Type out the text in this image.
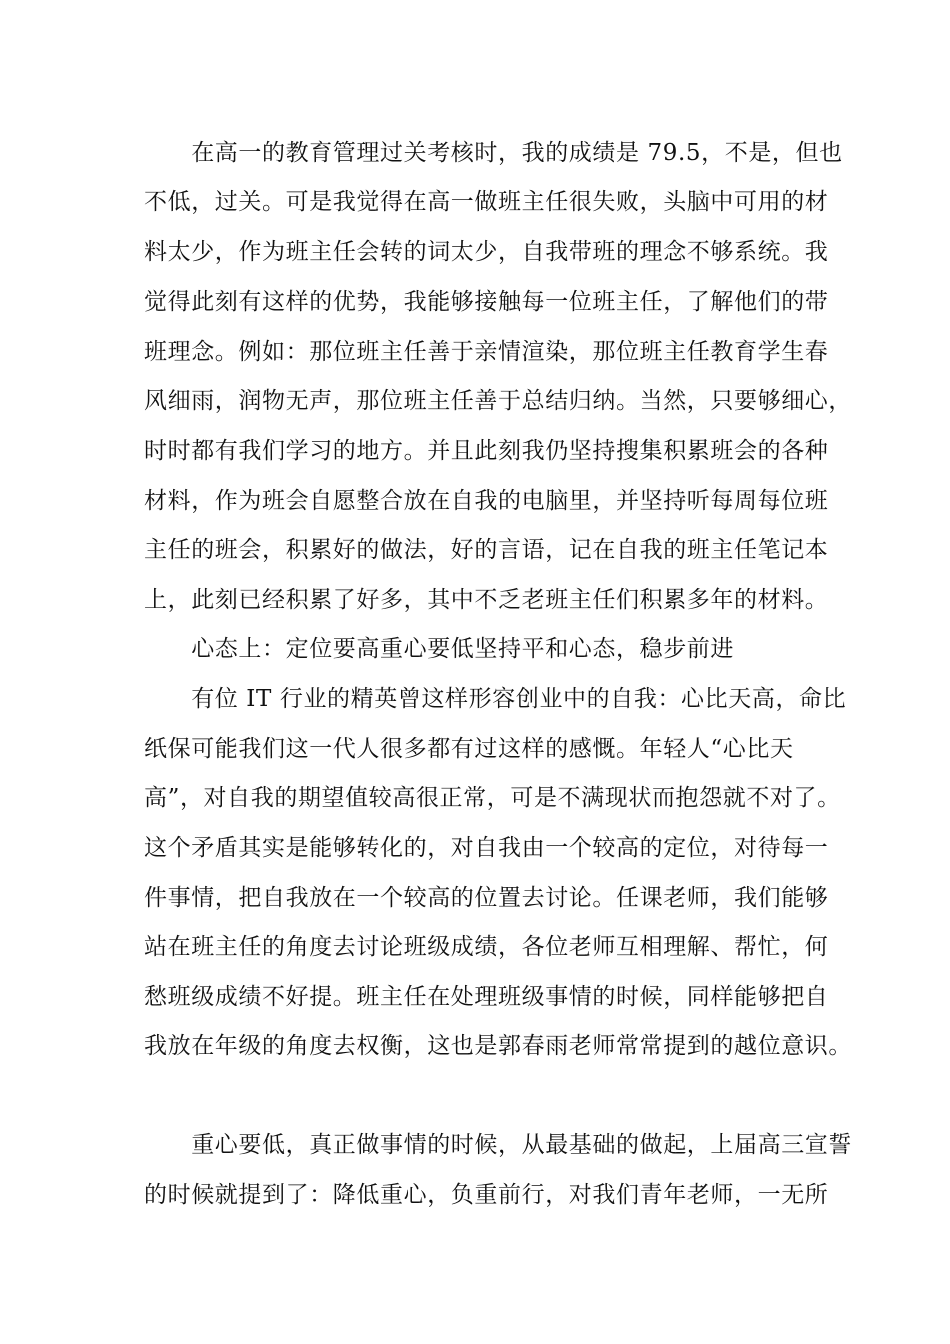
　　在高一的教育管理过关考核时，我的成绩是 79.5，不是，但也
不低，过关。可是我觉得在高一做班主任很失败，头脑中可用的材
料太少，作为班主任会转的词太少，自我带班的理念不够系统。我
觉得此刻有这样的优势，我能够接触每一位班主任，了解他们的带
班理念。例如：那位班主任善于亲情渲染，那位班主任教育学生春
风细雨，润物无声，那位班主任善于总结归纳。当然，只要够细心，
时时都有我们学习的地方。并且此刻我仍坚持搜集积累班会的各种
材料，作为班会自愿整合放在自我的电脑里，并坚持听每周每位班
主任的班会，积累好的做法，好的言语，记在自我的班主任笔记本
上，此刻已经积累了好多，其中不乏老班主任们积累多年的材料。
　　心态上：定位要高重心要低坚持平和心态，稳步前进
　　有位 IT 行业的精英曾这样形容创业中的自我：心比天高，命比
纸保可能我们这一代人很多都有过这样的感慨。年轻人“心比天
高”，对自我的期望值较高很正常，可是不满现状而抱怨就不对了。
这个矛盾其实是能够转化的，对自我由一个较高的定位，对待每一
件事情，把自我放在一个较高的位置去讨论。任课老师，我们能够
站在班主任的角度去讨论班级成绩，各位老师互相理解、帮忙，何
愁班级成绩不好提。班主任在处理班级事情的时候，同样能够把自
我放在年级的角度去权衡，这也是郭春雨老师常常提到的越位意识。
　　重心要低，真正做事情的时候，从最基础的做起，上届高三宣誓
的时候就提到了：降低重心，负重前行，对我们青年老师，一无所
